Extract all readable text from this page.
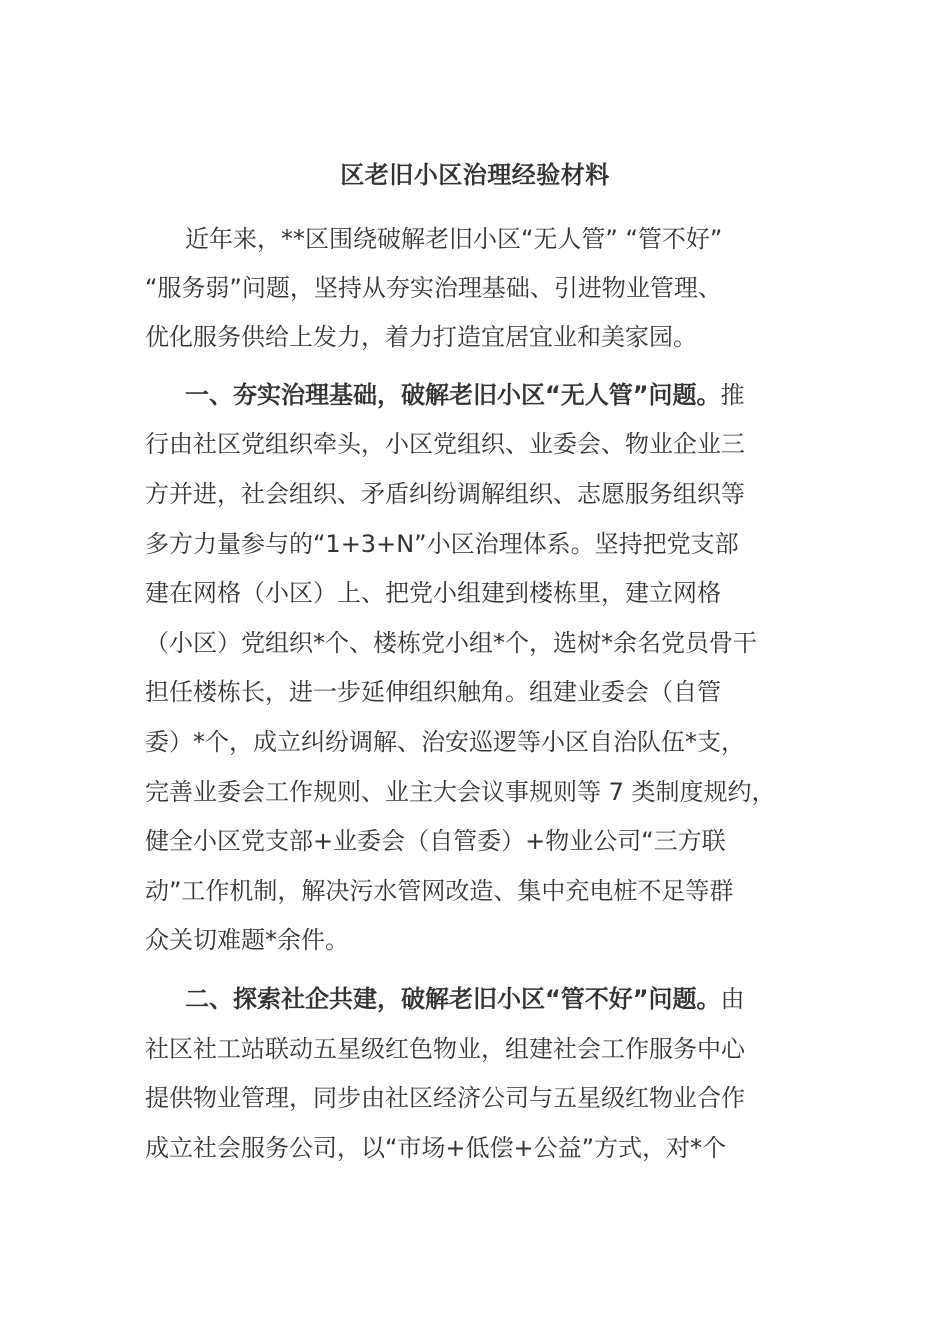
区老旧小区治理经验材料
近年来，**区围绕破解老旧小区“无人管” “管不好”
“服务弱”问题，坚持从夯实治理基础、引进物业管理、
优化服务供给上发力，着力打造宜居宜业和美家园。
一、夯实治理基础，破解老旧小区“无人管”问题。推
行由社区党组织牵头，小区党组织、业委会、物业企业三
方并进，社会组织、矛盾纠纷调解组织、志愿服务组织等
多方力量参与的“1+3+N”小区治理体系。坚持把党支部
建在网格（小区）上、把党小组建到楼栋里，建立网格
（小区）党组织*个、楼栋党小组*个，选树*余名党员骨干
担任楼栋长，进一步延伸组织触角。组建业委会（自管
委）*个，成立纠纷调解、治安巡逻等小区自治队伍*支，
完善业委会工作规则、业主大会议事规则等 7 类制度规约，
健全小区党支部+业委会（自管委）+物业公司“三方联
动”工作机制，解决污水管网改造、集中充电桩不足等群
众关切难题*余件。
二、探索社企共建，破解老旧小区“管不好”问题。由
社区社工站联动五星级红色物业，组建社会工作服务中心
提供物业管理，同步由社区经济公司与五星级红物业合作
成立社会服务公司，以“市场+低偿+公益”方式，对*个
